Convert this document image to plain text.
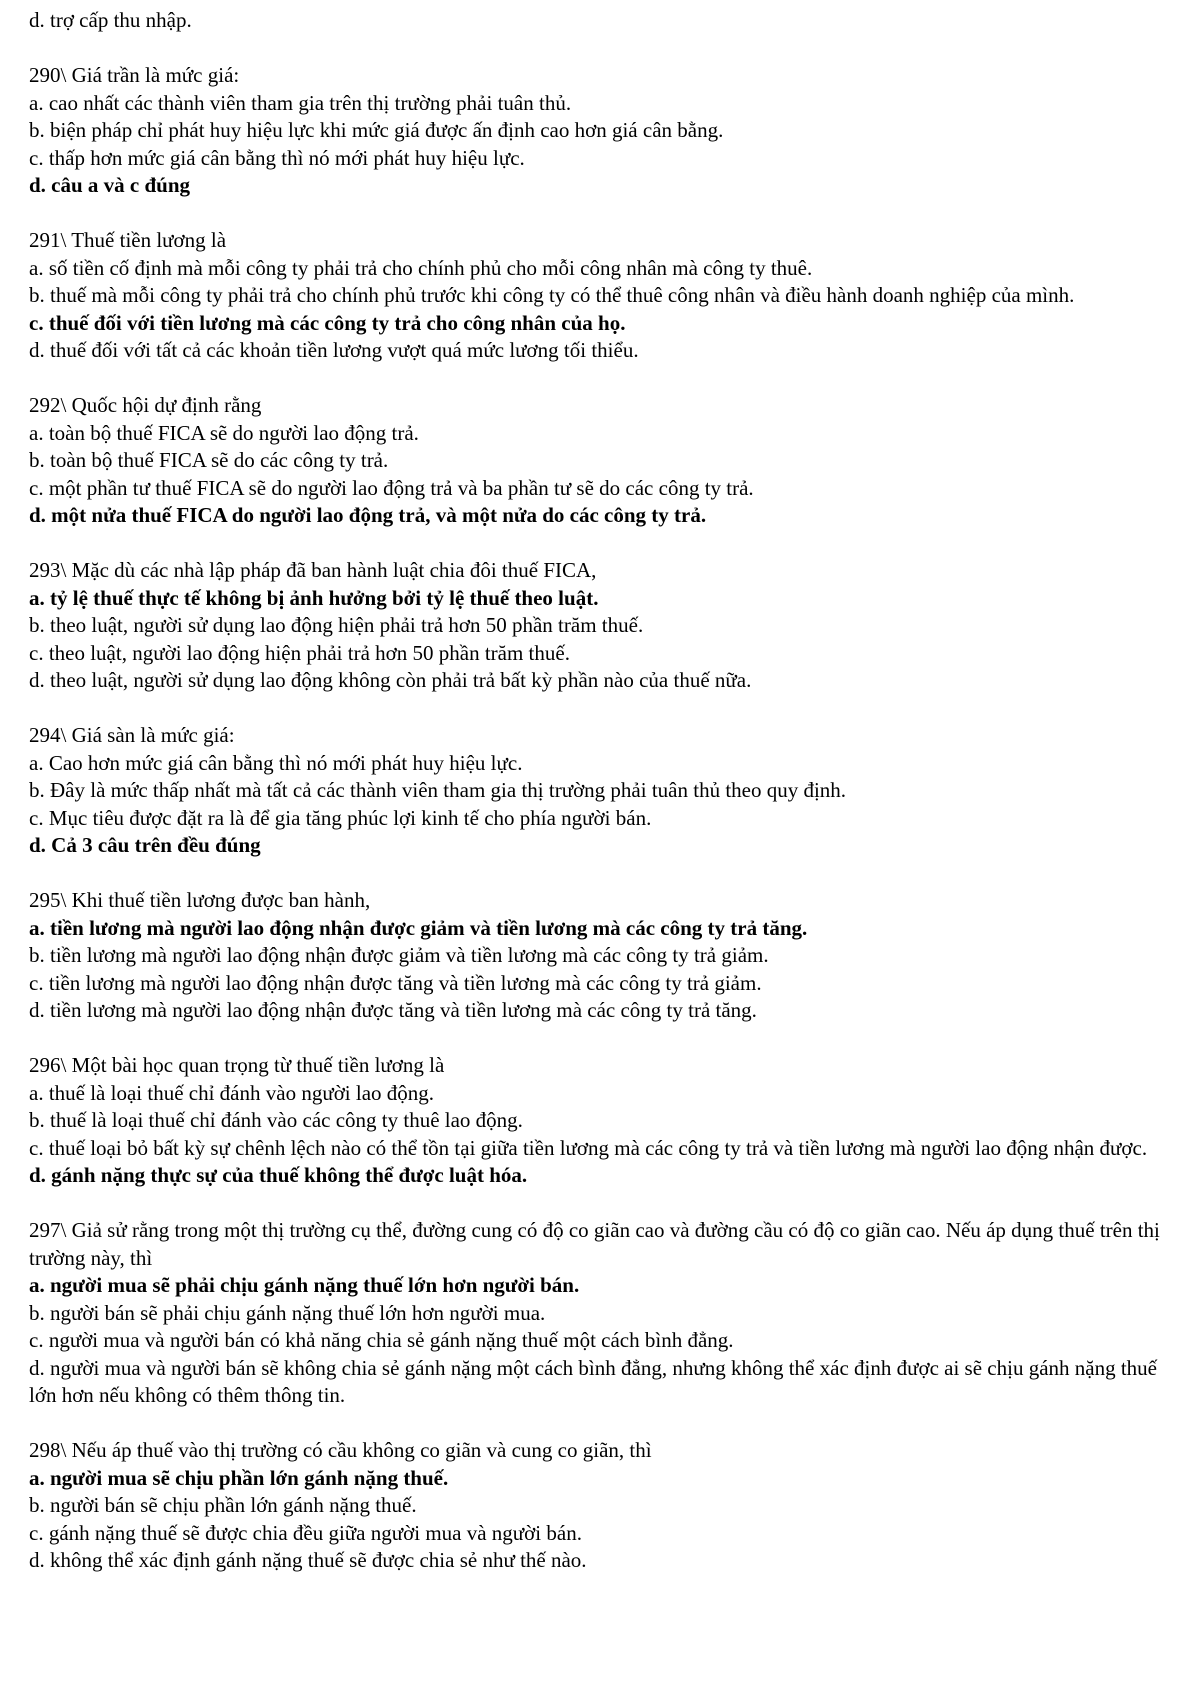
d. trợ cấp thu nhập.

290\ Giá trần là mức giá:

a. cao nhất các thành viên tham gia trên thị trường phải tuân thủ.

b. biện pháp chỉ phát huy hiệu lực khi mức giá được ấn định cao hơn giá cân bằng.

c. thấp hơn mức giá cân bằng thì nó mới phát huy hiệu lực.

d. câu a và c đúng

291\ Thuế tiền lương là

a. số tiền cố định mà mỗi công ty phải trả cho chính phủ cho mỗi công nhân mà công ty thuê.

b. thuế mà mỗi công ty phải trả cho chính phủ trước khi công ty có thể thuê công nhân và điều hành doanh nghiệp của mình.

c. thuế đối với tiền lương mà các công ty trả cho công nhân của họ.

d. thuế đối với tất cả các khoản tiền lương vượt quá mức lương tối thiểu.

292\ Quốc hội dự định rằng

a. toàn bộ thuế FICA sẽ do người lao động trả.

b. toàn bộ thuế FICA sẽ do các công ty trả.

c. một phần tư thuế FICA sẽ do người lao động trả và ba phần tư sẽ do các công ty trả.

d. một nửa thuế FICA do người lao động trả, và một nửa do các công ty trả.

293\ Mặc dù các nhà lập pháp đã ban hành luật chia đôi thuế FICA,

a. tỷ lệ thuế thực tế không bị ảnh hưởng bởi tỷ lệ thuế theo luật.

b. theo luật, người sử dụng lao động hiện phải trả hơn 50 phần trăm thuế.

c. theo luật, người lao động hiện phải trả hơn 50 phần trăm thuế.

d. theo luật, người sử dụng lao động không còn phải trả bất kỳ phần nào của thuế nữa.

294\ Giá sàn là mức giá:

a. Cao hơn mức giá cân bằng thì nó mới phát huy hiệu lực.

b. Đây là mức thấp nhất mà tất cả các thành viên tham gia thị trường phải tuân thủ theo quy định.

c. Mục tiêu được đặt ra là để gia tăng phúc lợi kinh tế cho phía người bán.

d. Cả 3 câu trên đều đúng

295\ Khi thuế tiền lương được ban hành,

a. tiền lương mà người lao động nhận được giảm và tiền lương mà các công ty trả tăng.

b. tiền lương mà người lao động nhận được giảm và tiền lương mà các công ty trả giảm.

c. tiền lương mà người lao động nhận được tăng và tiền lương mà các công ty trả giảm.

d. tiền lương mà người lao động nhận được tăng và tiền lương mà các công ty trả tăng.

296\ Một bài học quan trọng từ thuế tiền lương là

a. thuế là loại thuế chỉ đánh vào người lao động.

b. thuế là loại thuế chỉ đánh vào các công ty thuê lao động.

c. thuế loại bỏ bất kỳ sự chênh lệch nào có thể tồn tại giữa tiền lương mà các công ty trả và tiền lương mà người lao động nhận được.

d. gánh nặng thực sự của thuế không thể được luật hóa.

297\ Giả sử rằng trong một thị trường cụ thể, đường cung có độ co giãn cao và đường cầu có độ co giãn cao. Nếu áp dụng thuế trên thị trường này, thì

a. người mua sẽ phải chịu gánh nặng thuế lớn hơn người bán.

b. người bán sẽ phải chịu gánh nặng thuế lớn hơn người mua.

c. người mua và người bán có khả năng chia sẻ gánh nặng thuế một cách bình đẳng.

d. người mua và người bán sẽ không chia sẻ gánh nặng một cách bình đẳng, nhưng không thể xác định được ai sẽ chịu gánh nặng thuế lớn hơn nếu không có thêm thông tin.

298\ Nếu áp thuế vào thị trường có cầu không co giãn và cung co giãn, thì

a. người mua sẽ chịu phần lớn gánh nặng thuế.

b. người bán sẽ chịu phần lớn gánh nặng thuế.

c. gánh nặng thuế sẽ được chia đều giữa người mua và người bán.

d. không thể xác định gánh nặng thuế sẽ được chia sẻ như thế nào.
